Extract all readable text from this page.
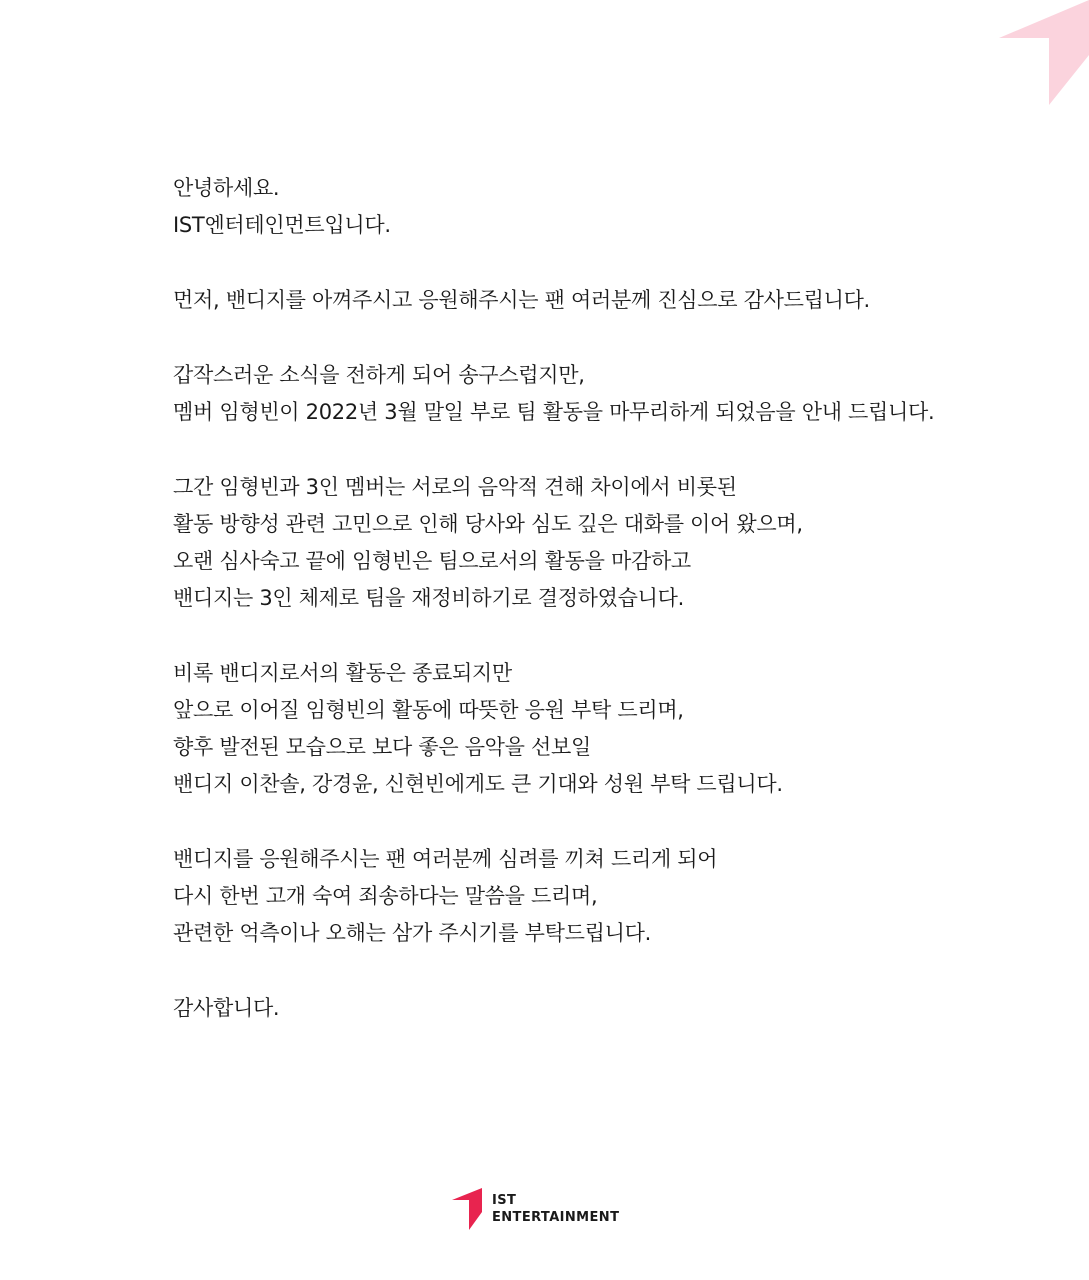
안녕하세요.
IST엔터테인먼트입니다.
먼저, 밴디지를 아껴주시고 응원해주시는 팬 여러분께 진심으로 감사드립니다.
갑작스러운 소식을 전하게 되어 송구스럽지만,
멤버 임형빈이 2022년 3월 말일 부로 팀 활동을 마무리하게 되었음을 안내 드립니다.
그간 임형빈과 3인 멤버는 서로의 음악적 견해 차이에서 비롯된
활동 방향성 관련 고민으로 인해 당사와 심도 깊은 대화를 이어 왔으며,
오랜 심사숙고 끝에 임형빈은 팀으로서의 활동을 마감하고
밴디지는 3인 체제로 팀을 재정비하기로 결정하였습니다.
비록 밴디지로서의 활동은 종료되지만
앞으로 이어질 임형빈의 활동에 따뜻한 응원 부탁 드리며,
향후 발전된 모습으로 보다 좋은 음악을 선보일
밴디지 이찬솔, 강경윤, 신현빈에게도 큰 기대와 성원 부탁 드립니다.
밴디지를 응원해주시는 팬 여러분께 심려를 끼쳐 드리게 되어
다시 한번 고개 숙여 죄송하다는 말씀을 드리며,
관련한 억측이나 오해는 삼가 주시기를 부탁드립니다.
감사합니다.
IST
ENTERTAINMENT
